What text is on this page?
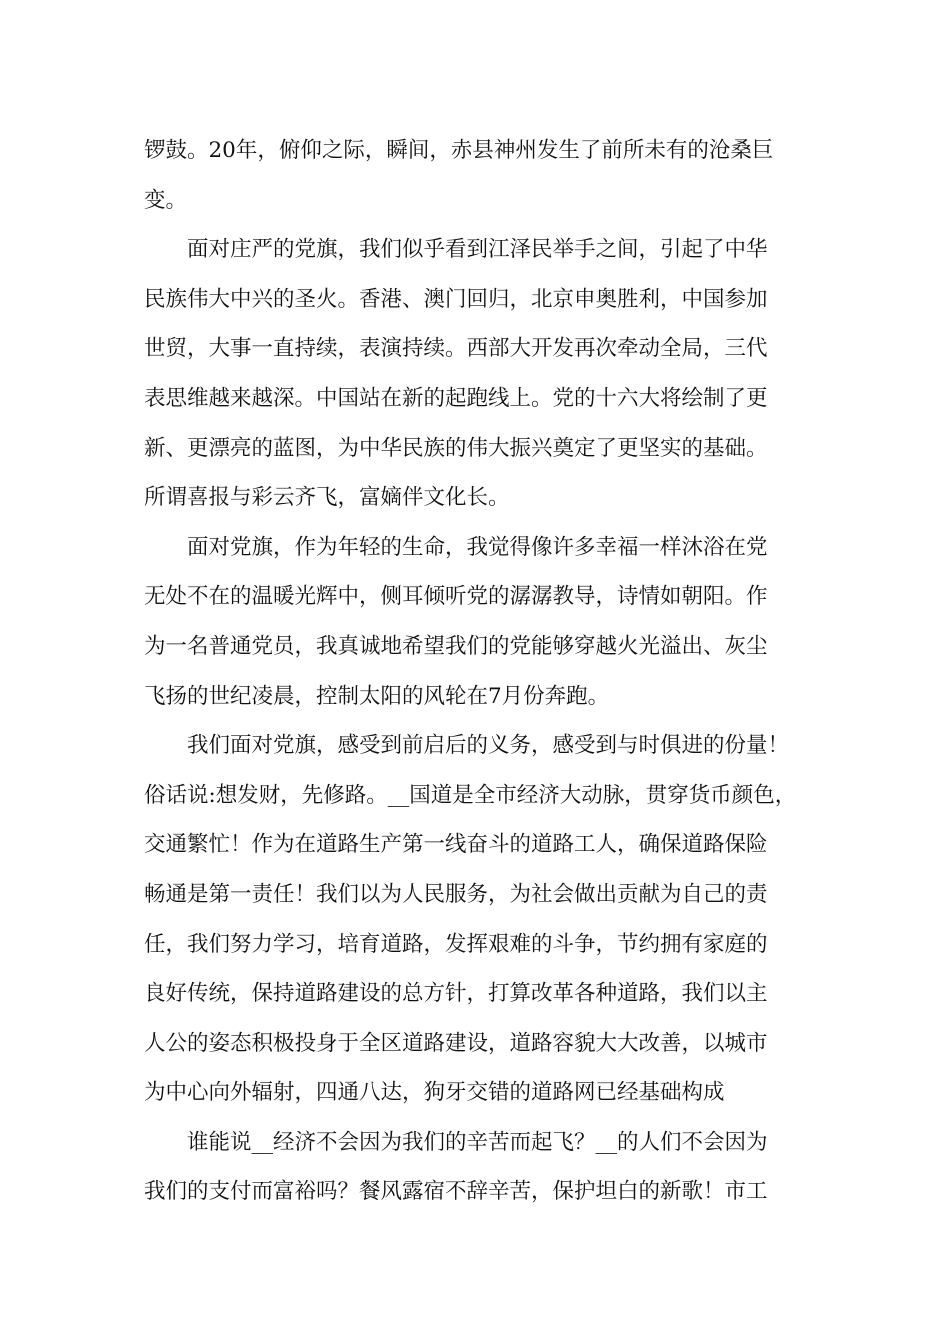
锣鼓。20年，俯仰之际，瞬间，赤县神州发生了前所未有的沧桑巨
变。
面对庄严的党旗，我们似乎看到江泽民举手之间，引起了中华
民族伟大中兴的圣火。香港、澳门回归，北京申奥胜利，中国参加
世贸，大事一直持续，表演持续。西部大开发再次牵动全局，三代
表思维越来越深。中国站在新的起跑线上。党的十六大将绘制了更
新、更漂亮的蓝图，为中华民族的伟大振兴奠定了更坚实的基础。
所谓喜报与彩云齐飞，富嫡伴文化长。
面对党旗，作为年轻的生命，我觉得像许多幸福一样沐浴在党
无处不在的温暖光辉中，侧耳倾听党的潺潺教导，诗情如朝阳。作
为一名普通党员，我真诚地希望我们的党能够穿越火光溢出、灰尘
飞扬的世纪凌晨，控制太阳的风轮在7月份奔跑。
我们面对党旗，感受到前启后的义务，感受到与时俱进的份量！
俗话说:想发财，先修路。__国道是全市经济大动脉，贯穿货币颜色，
交通繁忙！作为在道路生产第一线奋斗的道路工人，确保道路保险
畅通是第一责任！我们以为人民服务，为社会做出贡献为自己的责
任，我们努力学习，培育道路，发挥艰难的斗争，节约拥有家庭的
良好传统，保持道路建设的总方针，打算改革各种道路，我们以主
人公的姿态积极投身于全区道路建设，道路容貌大大改善，以城市
为中心向外辐射，四通八达，狗牙交错的道路网已经基础构成
谁能说__经济不会因为我们的辛苦而起飞？__的人们不会因为
我们的支付而富裕吗？餐风露宿不辞辛苦，保护坦白的新歌！市工
